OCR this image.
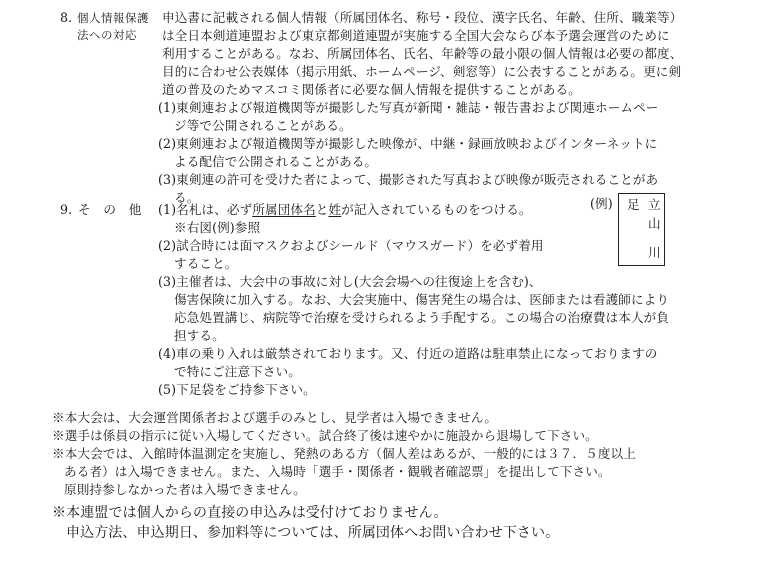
8. 個人情報保護
法への対応
申込書に記載される個人情報（所属団体名、称号・段位、漢字氏名、年齢、住所、職業等）
は全日本剣道連盟および東京都剣道連盟が実施する全国大会ならび本予選会運営のために
利用することがある。なお、所属団体名、氏名、年齢等の最小限の個人情報は必要の都度、
目的に合わせ公表媒体（掲示用紙、ホームページ、剣窓等）に公表することがある。更に剣
道の普及のためマスコミ関係者に必要な個人情報を提供することがある。
(1)東剣連および報道機関等が撮影した写真が新聞・雑誌・報告書および関連ホームペー
ジ等で公開されることがある。
(2)東剣連および報道機関等が撮影した映像が、中継・録画放映およびインターネットに
よる配信で公開されることがある。
(3)東剣連の許可を受けた者によって、撮影された写真および映像が販売されることがあ
る。
9. そ　の　他 (1)名札は、必ず所属団体名と姓が記入されているものをつける。
※右図(例)参照
(例) 足 立
山
川
(2)試合時には面マスクおよびシールド（マウスガード）を必ず着用
すること。
(3)主催者は、大会中の事故に対し(大会会場への往復途上を含む)、
傷害保険に加入する。なお、大会実施中、傷害発生の場合は、医師または看護師により
応急処置講じ、病院等で治療を受けられるよう手配する。この場合の治療費は本人が負
担する。
(4)車の乗り入れは厳禁されております。又、付近の道路は駐車禁止になっておりますの
で特にご注意下さい。
(5)下足袋をご持参下さい。
※本大会は、大会運営関係者および選手のみとし、見学者は入場できません。
※選手は係員の指示に従い入場してください。試合終了後は速やかに施設から退場して下さい。
※本大会では、入館時体温測定を実施し、発熱のある方（個人差はあるが、一般的には３７．５度以上
ある者）は入場できません。また、入場時「選手・関係者・観戦者確認票」を提出して下さい。
原則持参しなかった者は入場できません。
※本連盟では個人からの直接の申込みは受付けておりません。
申込方法、申込期日、参加料等については、所属団体へお問い合わせ下さい。
